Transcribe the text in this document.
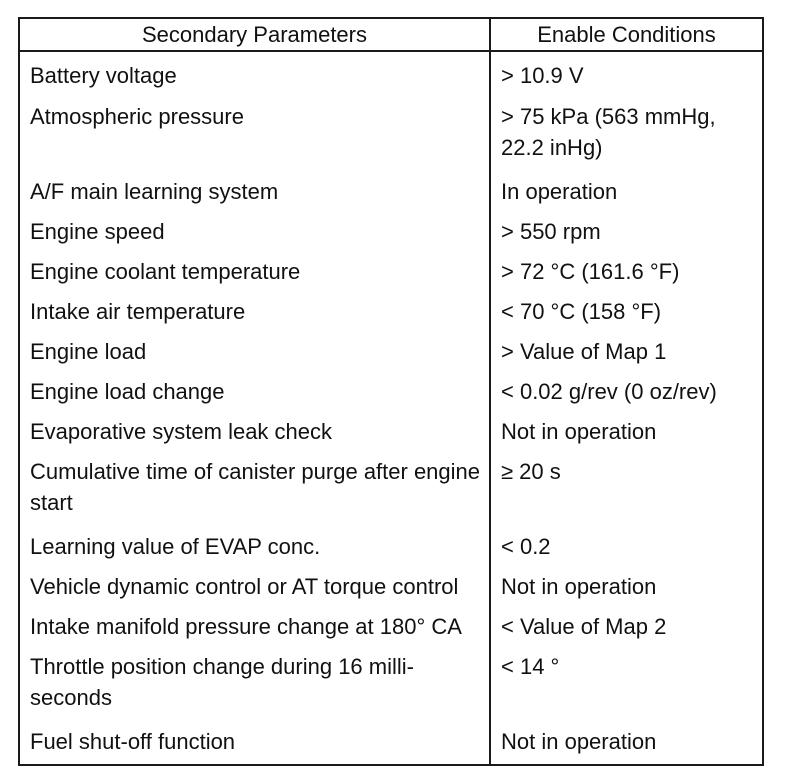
Secondary Parameters	Enable Conditions
Battery voltage	> 10.9 V
Atmospheric pressure	> 75 kPa (563 mmHg, 22.2 inHg)
A/F main learning system	In operation
Engine speed	> 550 rpm
Engine coolant temperature	> 72 °C (161.6 °F)
Intake air temperature	< 70 °C (158 °F)
Engine load	> Value of Map 1
Engine load change	< 0.02 g/rev (0 oz/rev)
Evaporative system leak check	Not in operation
Cumulative time of canister purge after engine start	≥ 20 s
Learning value of EVAP conc.	< 0.2
Vehicle dynamic control or AT torque control	Not in operation
Intake manifold pressure change at 180° CA	< Value of Map 2
Throttle position change during 16 milli-seconds	< 14 °
Fuel shut-off function	Not in operation
